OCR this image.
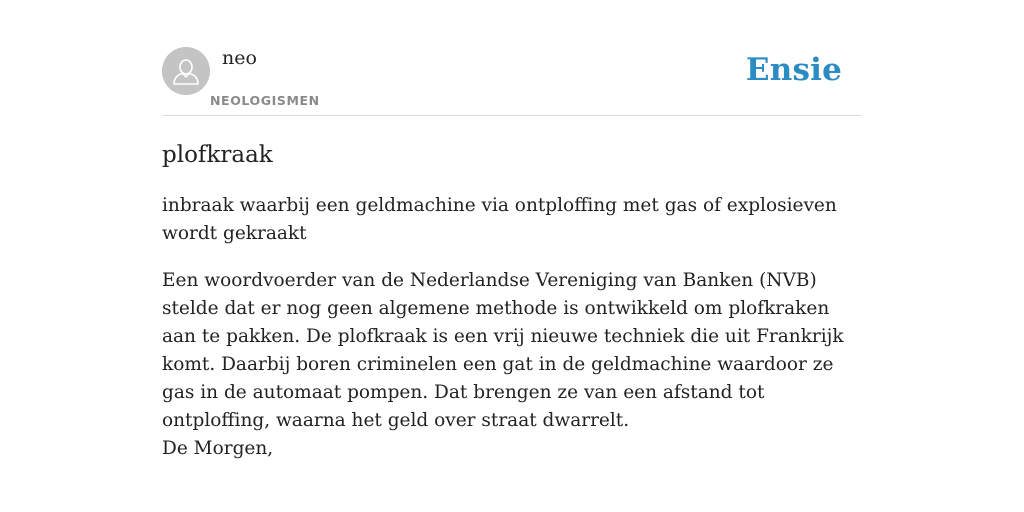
neo
NEOLOGISMEN
Ensie
plofkraak

inbraak waarbij een geldmachine via ontploffing met gas of explosieven wordt gekraakt

Een woordvoerder van de Nederlandse Vereniging van Banken (NVB) stelde dat er nog geen algemene methode is ontwikkeld om plofkraken aan te pakken. De plofkraak is een vrij nieuwe techniek die uit Frankrijk komt. Daarbij boren criminelen een gat in de geldmachine waardoor ze gas in de automaat pompen. Dat brengen ze van een afstand tot ontploffing, waarna het geld over straat dwarrelt.
De Morgen,
